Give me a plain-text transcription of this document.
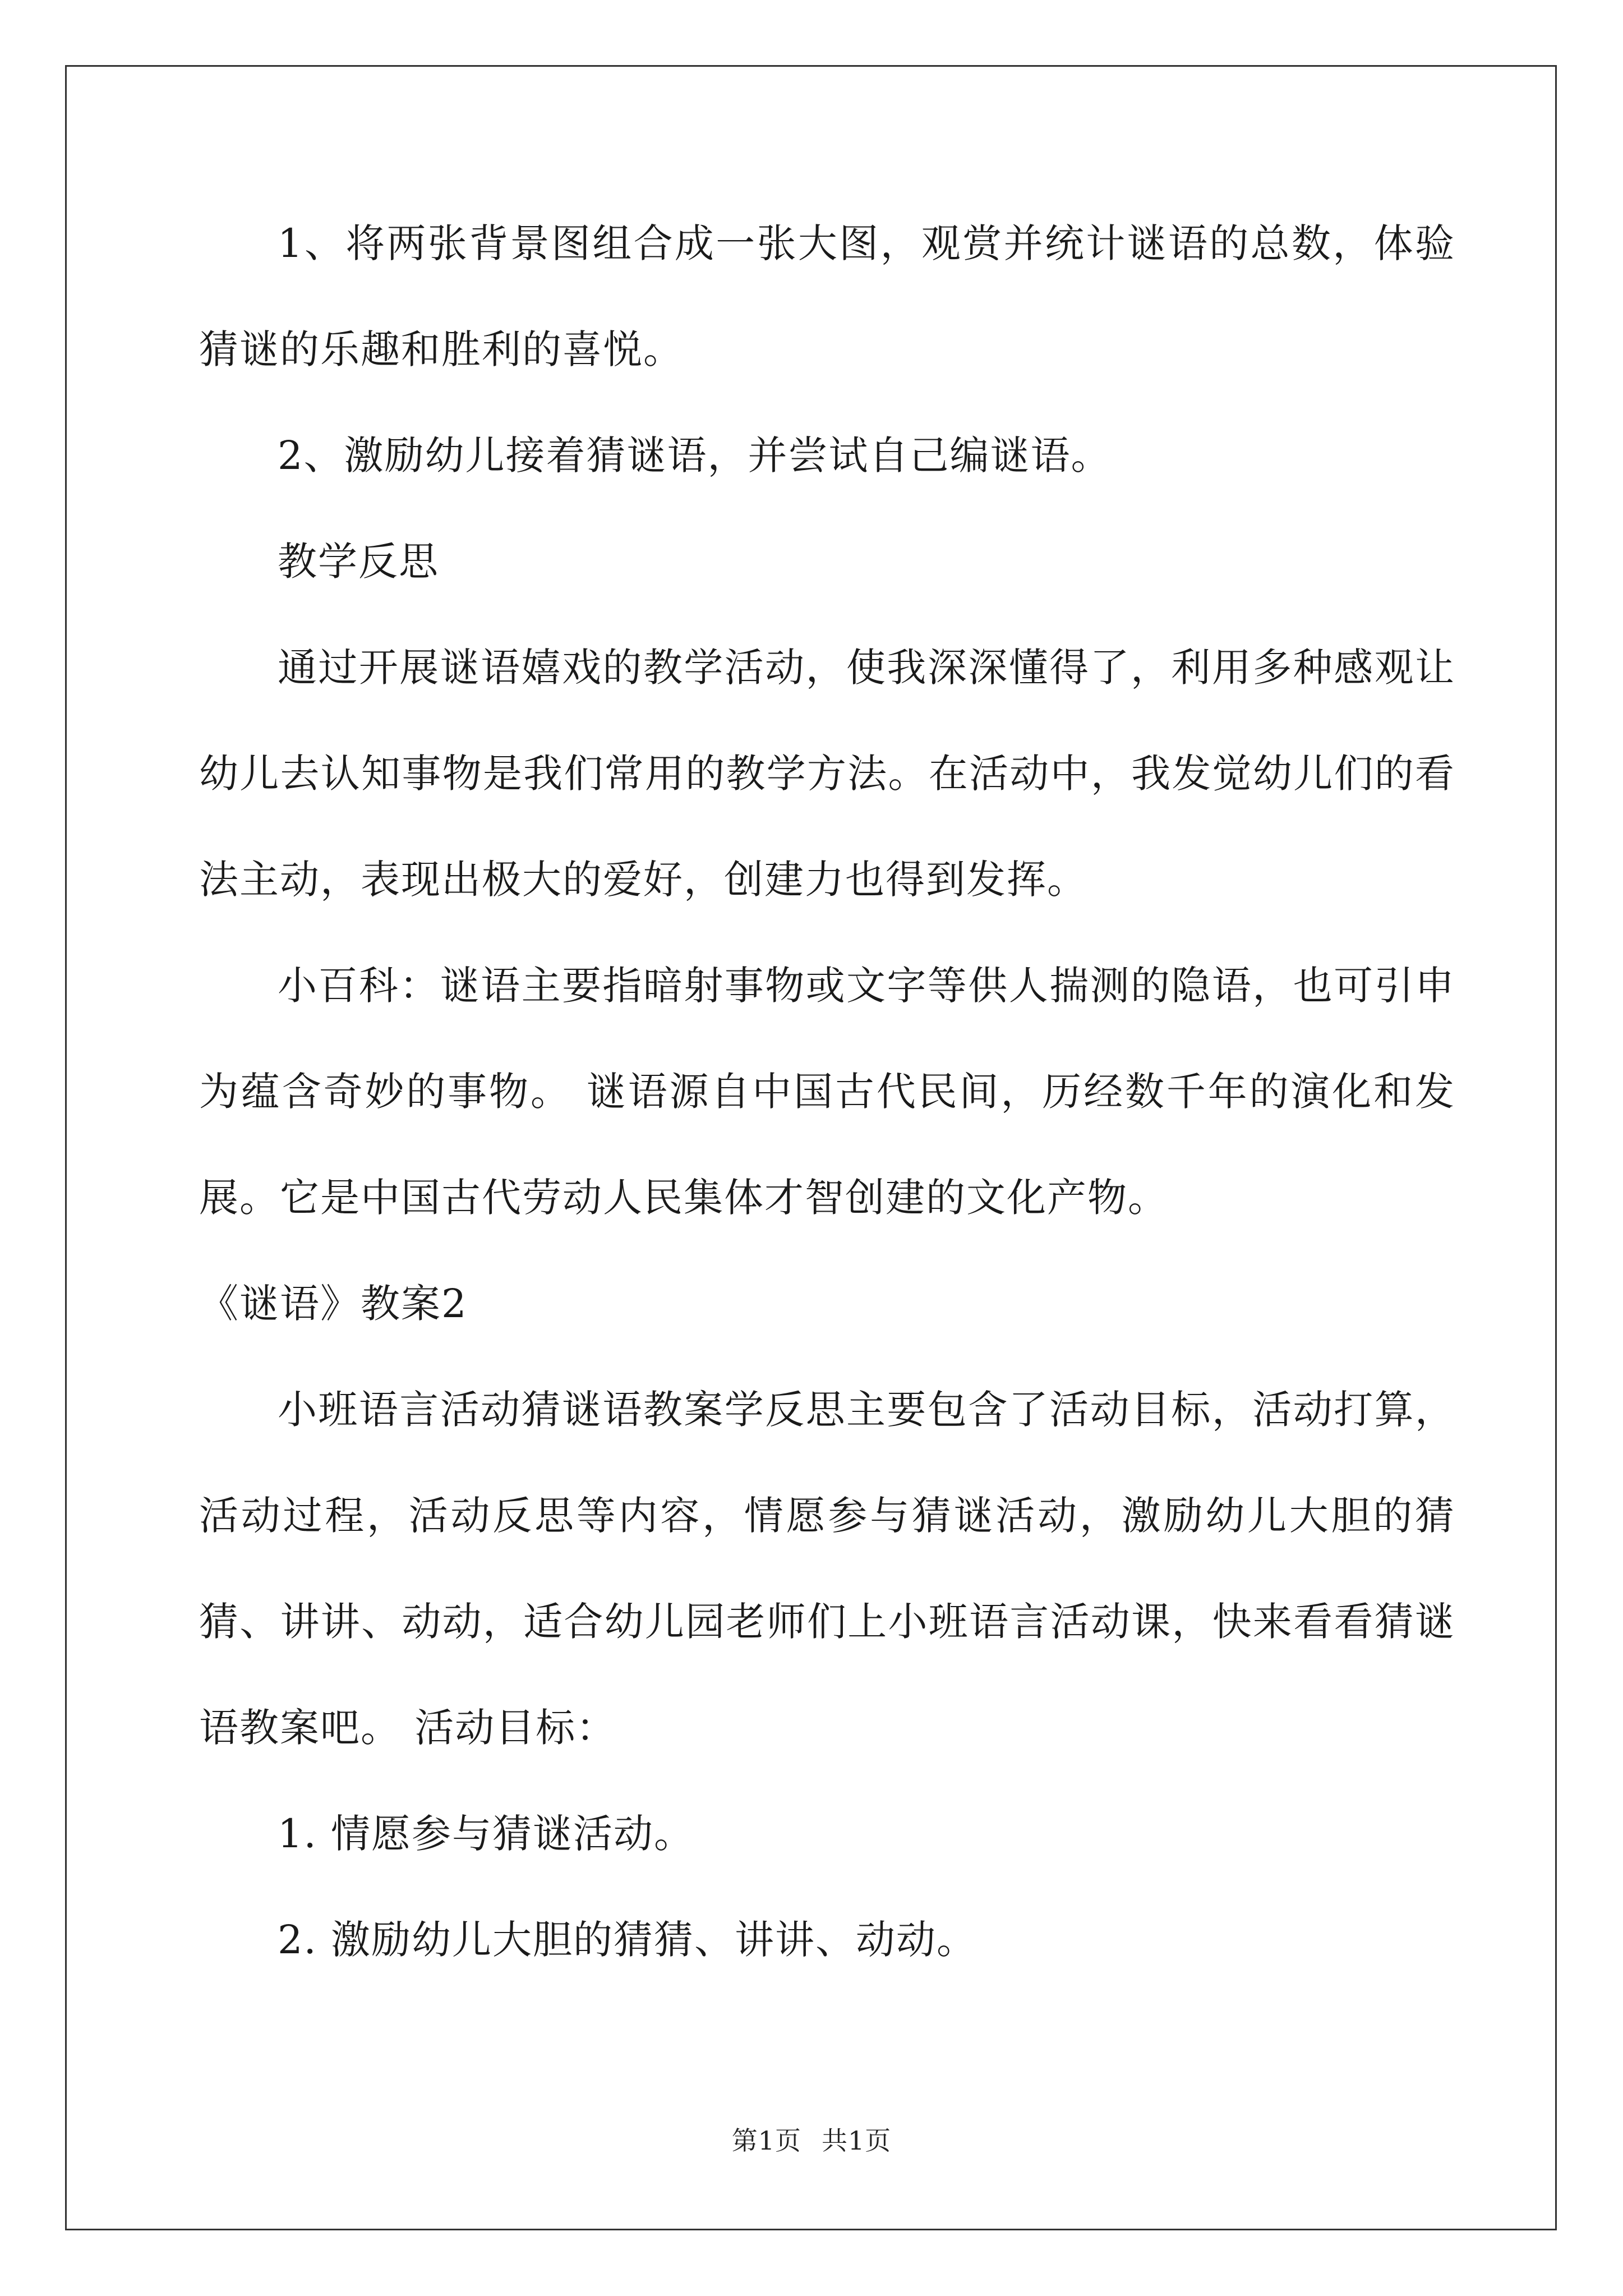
1、将两张背景图组合成一张大图，观赏并统计谜语的总数，体验猜谜的乐趣和胜利的喜悦。

2、激励幼儿接着猜谜语，并尝试自己编谜语。

教学反思

通过开展谜语嬉戏的教学活动，使我深深懂得了，利用多种感观让幼儿去认知事物是我们常用的教学方法。在活动中，我发觉幼儿们的看法主动，表现出极大的爱好，创建力也得到发挥。

小百科：谜语主要指暗射事物或文字等供人揣测的隐语，也可引申为蕴含奇妙的事物。 谜语源自中国古代民间，历经数千年的演化和发展。它是中国古代劳动人民集体才智创建的文化产物。

《谜语》教案2

小班语言活动猜谜语教案学反思主要包含了活动目标，活动打算，活动过程，活动反思等内容，情愿参与猜谜活动，激励幼儿大胆的猜猜、讲讲、动动，适合幼儿园老师们上小班语言活动课，快来看看猜谜语教案吧。 活动目标：

1. 情愿参与猜谜活动。

2. 激励幼儿大胆的猜猜、讲讲、动动。

第1页 共1页
